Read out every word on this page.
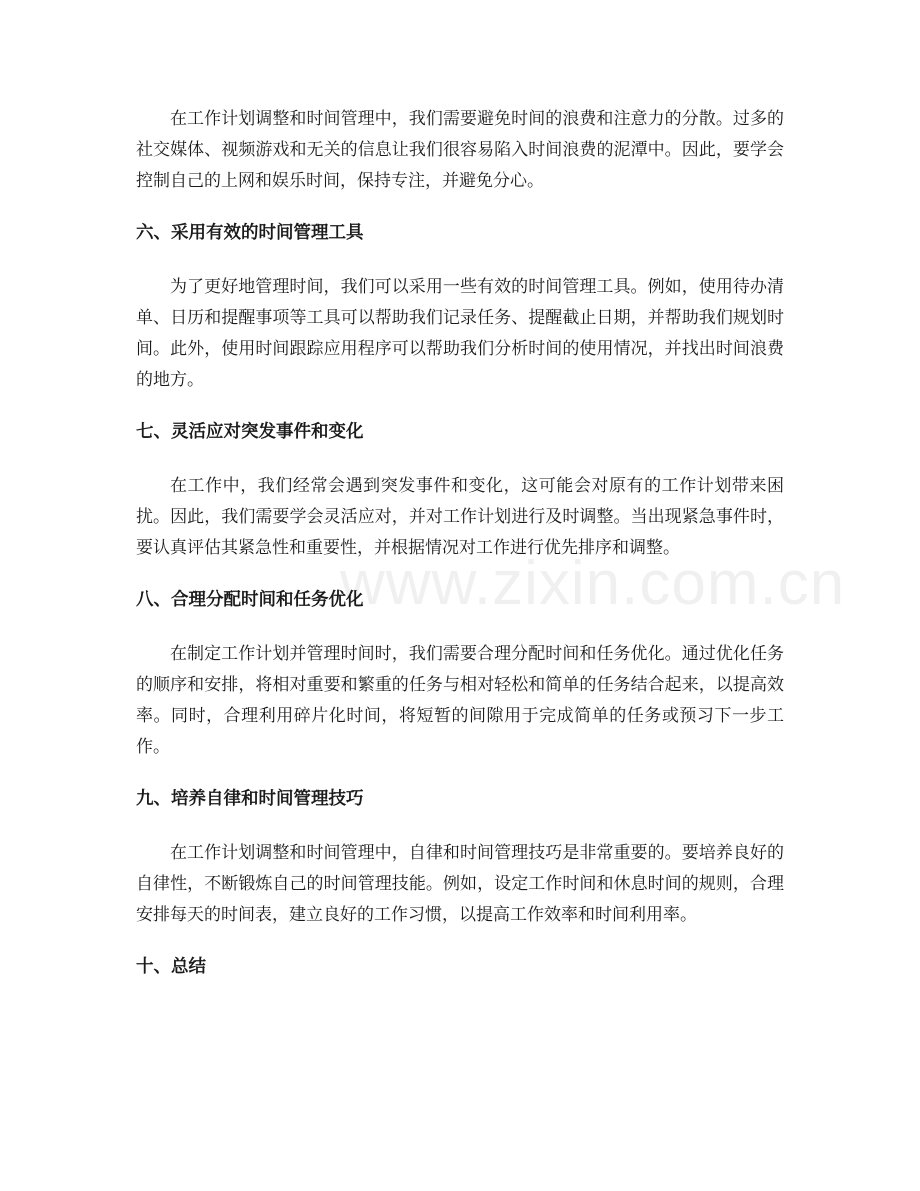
www.zixin.com.cn

在工作计划调整和时间管理中，我们需要避免时间的浪费和注意力的分散。过多的社交媒体、视频游戏和无关的信息让我们很容易陷入时间浪费的泥潭中。因此，要学会控制自己的上网和娱乐时间，保持专注，并避免分心。

六、采用有效的时间管理工具

为了更好地管理时间，我们可以采用一些有效的时间管理工具。例如，使用待办清单、日历和提醒事项等工具可以帮助我们记录任务、提醒截止日期，并帮助我们规划时间。此外，使用时间跟踪应用程序可以帮助我们分析时间的使用情况，并找出时间浪费的地方。

七、灵活应对突发事件和变化

在工作中，我们经常会遇到突发事件和变化，这可能会对原有的工作计划带来困扰。因此，我们需要学会灵活应对，并对工作计划进行及时调整。当出现紧急事件时，要认真评估其紧急性和重要性，并根据情况对工作进行优先排序和调整。

八、合理分配时间和任务优化

在制定工作计划并管理时间时，我们需要合理分配时间和任务优化。通过优化任务的顺序和安排，将相对重要和繁重的任务与相对轻松和简单的任务结合起来，以提高效率。同时，合理利用碎片化时间，将短暂的间隙用于完成简单的任务或预习下一步工作。

九、培养自律和时间管理技巧

在工作计划调整和时间管理中，自律和时间管理技巧是非常重要的。要培养良好的自律性，不断锻炼自己的时间管理技能。例如，设定工作时间和休息时间的规则，合理安排每天的时间表，建立良好的工作习惯，以提高工作效率和时间利用率。

十、总结
